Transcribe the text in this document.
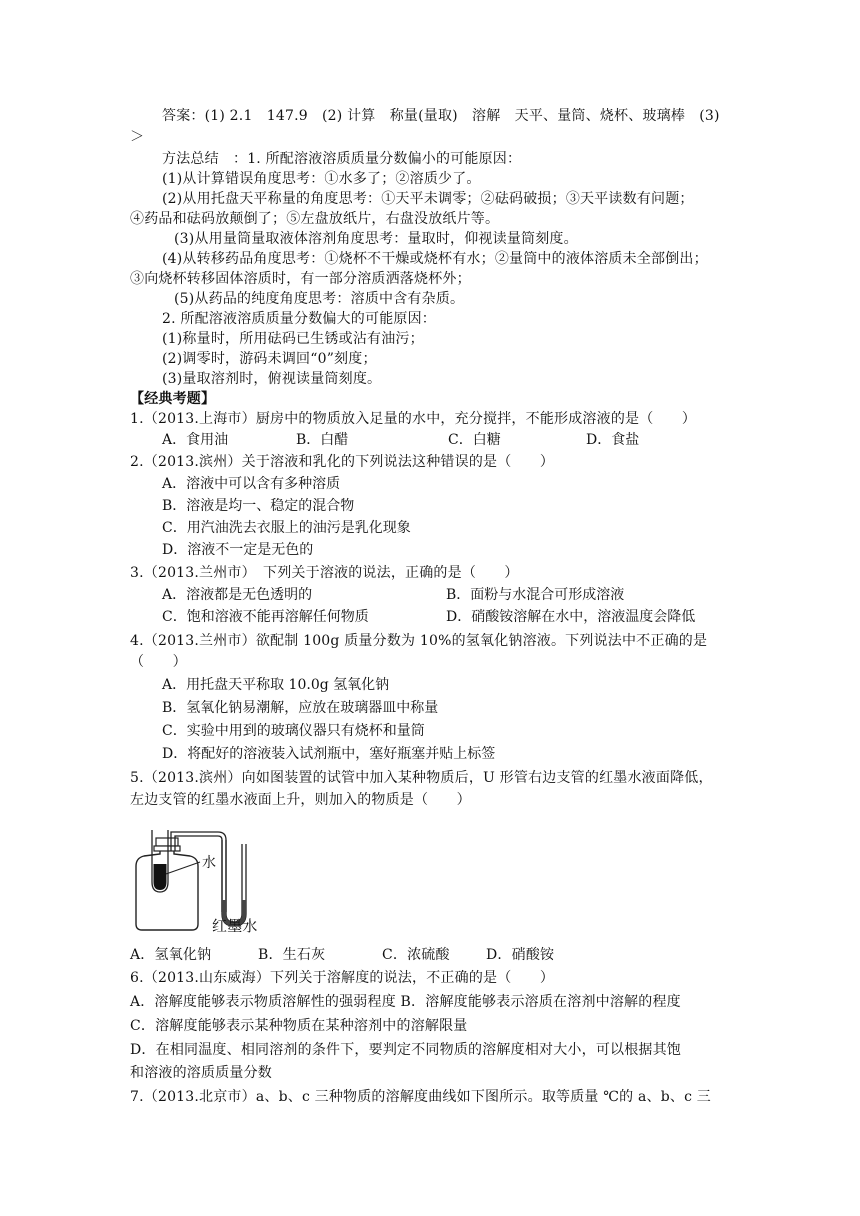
答案：(1) 2.1　147.9　(2) 计算　称量(量取)　溶解　天平、量筒、烧杯、玻璃棒　(3)
＞
方法总结　：1. 所配溶液溶质质量分数偏小的可能原因：
(1)从计算错误角度思考：①水多了；②溶质少了。
(2)从用托盘天平称量的角度思考：①天平未调零；②砝码破损；③天平读数有问题；
④药品和砝码放颠倒了；⑤左盘放纸片，右盘没放纸片等。
(3)从用量筒量取液体溶剂角度思考：量取时，仰视读量筒刻度。
(4)从转移药品角度思考：①烧杯不干燥或烧杯有水；②量筒中的液体溶质未全部倒出；
③向烧杯转移固体溶质时，有一部分溶质洒落烧杯外；
(5)从药品的纯度角度思考：溶质中含有杂质。
2. 所配溶液溶质质量分数偏大的可能原因：
(1)称量时，所用砝码已生锈或沾有油污；
(2)调零时，游码未调回“0”刻度；
(3)量取溶剂时，俯视读量筒刻度。
【经典考题】
1.（2013.上海市）厨房中的物质放入足量的水中，充分搅拌，不能形成溶液的是（　　）
A．食用油	B．白醋	C．白糖	D．食盐
2.（2013.滨州）关于溶液和乳化的下列说法这种错误的是（　　）
A．溶液中可以含有多种溶质
B．溶液是均一、稳定的混合物
C．用汽油洗去衣服上的油污是乳化现象
D．溶液不一定是无色的
3.（2013.兰州市）　下列关于溶液的说法，正确的是（　　）
A．溶液都是无色透明的	B．面粉与水混合可形成溶液
C．饱和溶液不能再溶解任何物质	D．硝酸铵溶解在水中，溶液温度会降低
4.（2013.兰州市）欲配制 100g 质量分数为 10%的氢氧化钠溶液。下列说法中不正确的是
（　　）
A．用托盘天平称取 10.0g 氢氧化钠
B．氢氧化钠易潮解，应放在玻璃器皿中称量
C．实验中用到的玻璃仪器只有烧杯和量筒
D．将配好的溶液装入试剂瓶中，塞好瓶塞并贴上标签
5.（2013.滨州）向如图装置的试管中加入某种物质后，U 形管右边支管的红墨水液面降低，
左边支管的红墨水液面上升，则加入的物质是（　　）
水
红墨水
A．氢氧化钠	B．生石灰	C．浓硫酸	D．硝酸铵
6.（2013.山东威海）下列关于溶解度的说法，不正确的是（　　）
A．溶解度能够表示物质溶解性的强弱程度 B．溶解度能够表示溶质在溶剂中溶解的程度
C．溶解度能够表示某种物质在某种溶剂中的溶解限量
D．在相同温度、相同溶剂的条件下，要判定不同物质的溶解度相对大小，可以根据其饱
和溶液的溶质质量分数
7.（2013.北京市）a、b、c 三种物质的溶解度曲线如下图所示。取等质量 ℃的 a、b、c 三
